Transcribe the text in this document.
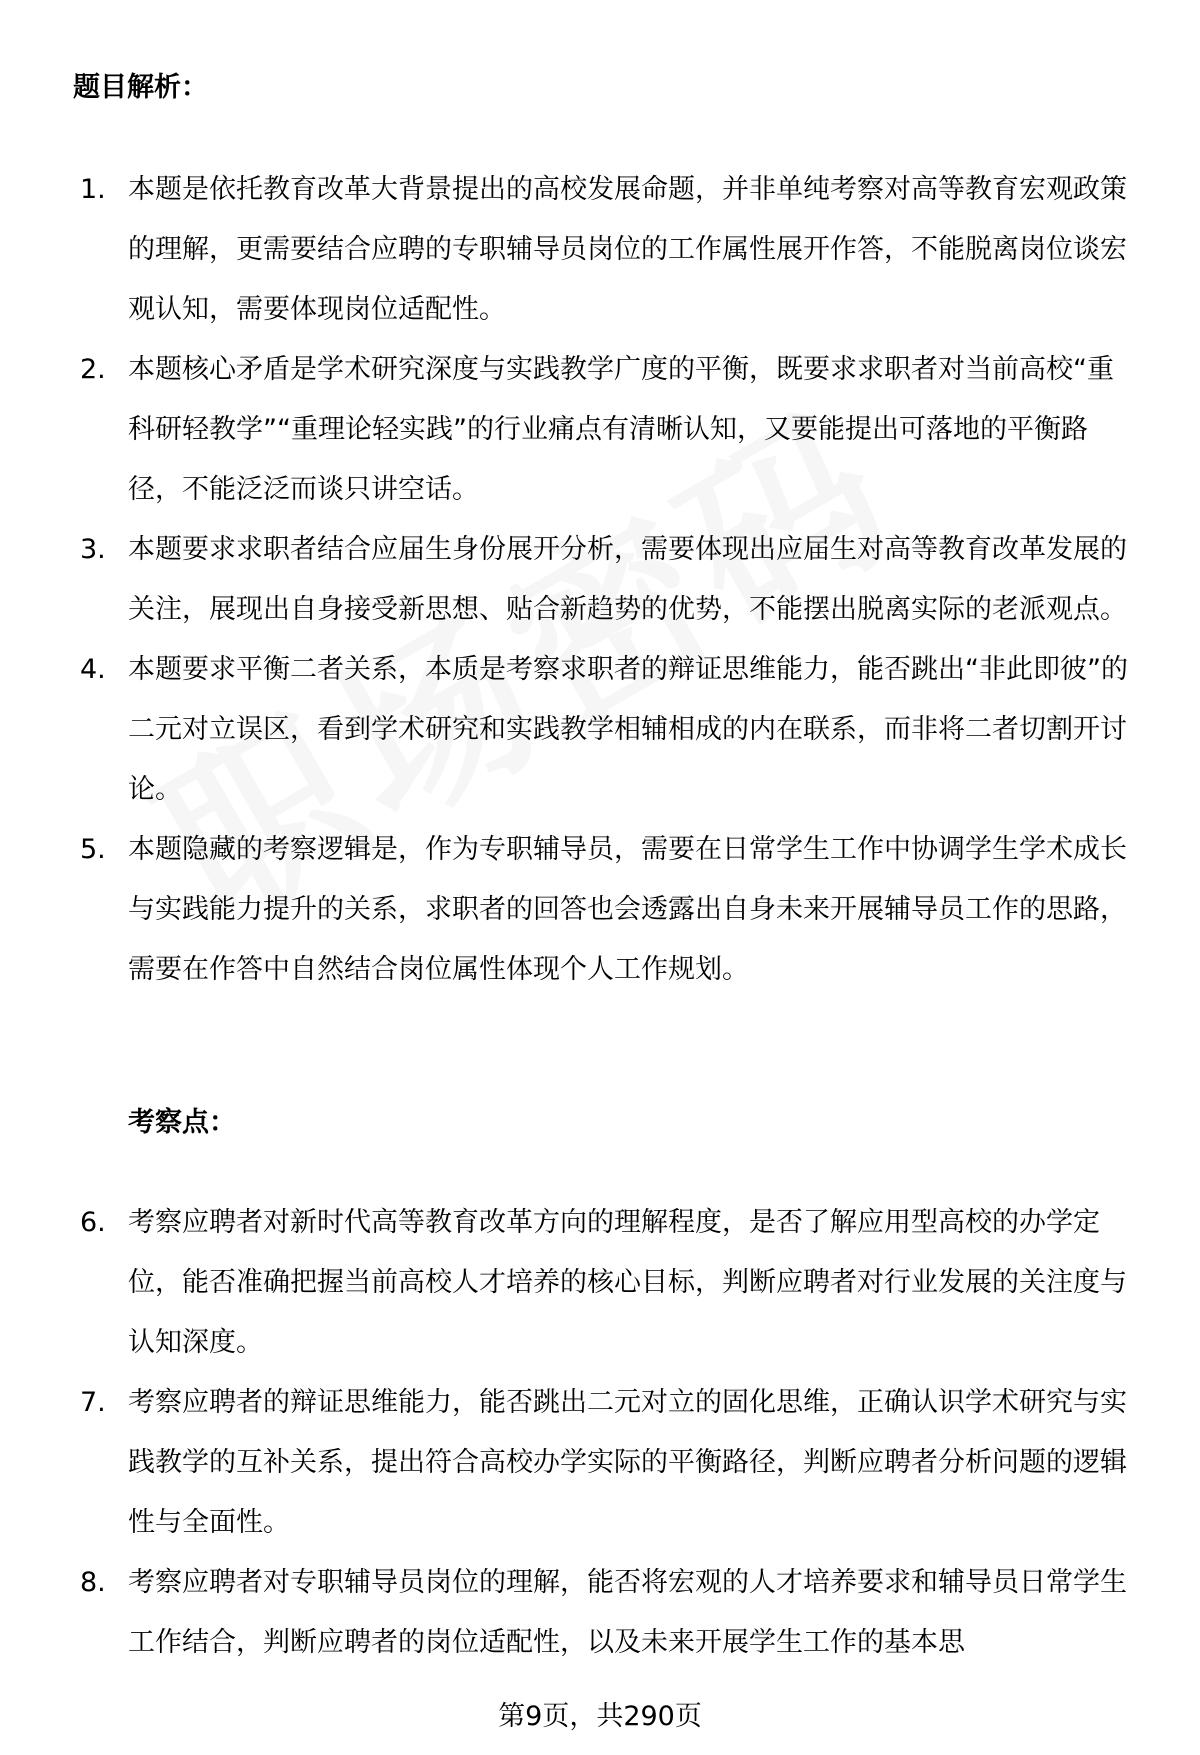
题目解析：
1. 本题是依托教育改革大背景提出的高校发展命题，并非单纯考察对高等教育宏观政策的理解，更需要结合应聘的专职辅导员岗位的工作属性展开作答，不能脱离岗位谈宏观认知，需要体现岗位适配性。
2. 本题核心矛盾是学术研究深度与实践教学广度的平衡，既要求求职者对当前高校“重科研轻教学”“重理论轻实践”的行业痛点有清晰认知，又要能提出可落地的平衡路径，不能泛泛而谈只讲空话。
3. 本题要求求职者结合应届生身份展开分析，需要体现出应届生对高等教育改革发展的关注，展现出自身接受新思想、贴合新趋势的优势，不能摆出脱离实际的老派观点。
4. 本题要求平衡二者关系，本质是考察求职者的辩证思维能力，能否跳出“非此即彼”的二元对立误区，看到学术研究和实践教学相辅相成的内在联系，而非将二者切割开讨论。
5. 本题隐藏的考察逻辑是，作为专职辅导员，需要在日常学生工作中协调学生学术成长与实践能力提升的关系，求职者的回答也会透露出自身未来开展辅导员工作的思路，需要在作答中自然结合岗位属性体现个人工作规划。
考察点：
6. 考察应聘者对新时代高等教育改革方向的理解程度，是否了解应用型高校的办学定位，能否准确把握当前高校人才培养的核心目标，判断应聘者对行业发展的关注度与认知深度。
7. 考察应聘者的辩证思维能力，能否跳出二元对立的固化思维，正确认识学术研究与实践教学的互补关系，提出符合高校办学实际的平衡路径，判断应聘者分析问题的逻辑性与全面性。
8. 考察应聘者对专职辅导员岗位的理解，能否将宏观的人才培养要求和辅导员日常学生工作结合，判断应聘者的岗位适配性，以及未来开展学生工作的基本思
第9页，共290页
